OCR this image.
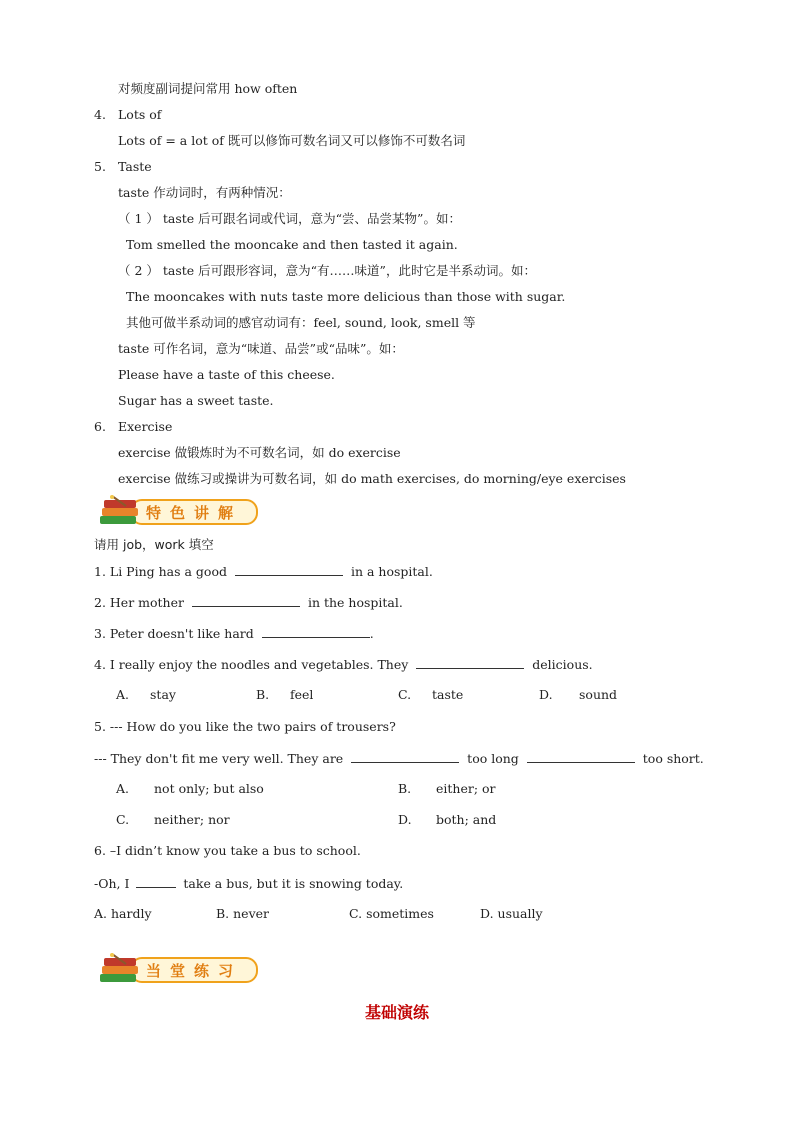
对频度副词提问常用 how often
4. Lots of
Lots of = a lot of 既可以修饰可数名词又可以修饰不可数名词
5. Taste
taste 作动词时，有两种情况：
（ 1 ） taste 后可跟名词或代词，意为“尝、品尝某物”。如：
Tom smelled the mooncake and then tasted it again.
（ 2 ） taste 后可跟形容词，意为“有……味道”，此时它是半系动词。如：
The mooncakes with nuts taste more delicious than those with sugar.
其他可做半系动词的感官动词有：feel, sound, look, smell 等
taste 可作名词，意为“味道、品尝”或“品味”。如：
Please have a taste of this cheese.
Sugar has a sweet taste.
6. Exercise
exercise 做锻炼时为不可数名词，如 do exercise
exercise 做练习或操讲为可数名词，如 do math exercises, do morning/eye exercises
特色讲解
请用 job，work 填空
1. Li Ping has a good	in a hospital.
2. Her mother	in the hospital.
3. Peter doesn't like hard	.
4. I really enjoy the noodles and vegetables. They	delicious.
A. stay	B. feel	C. taste	D. sound
5. --- How do you like the two pairs of trousers?
--- They don't fit me very well. They are	too long	too short.
A. not only; but also	B. either; or
C. neither; nor	D. both; and
6. –I didn’t know you take a bus to school.
-Oh, I	take a bus, but it is snowing today.
A. hardly	B. never	C. sometimes	D. usually
当堂练习
基础演练
